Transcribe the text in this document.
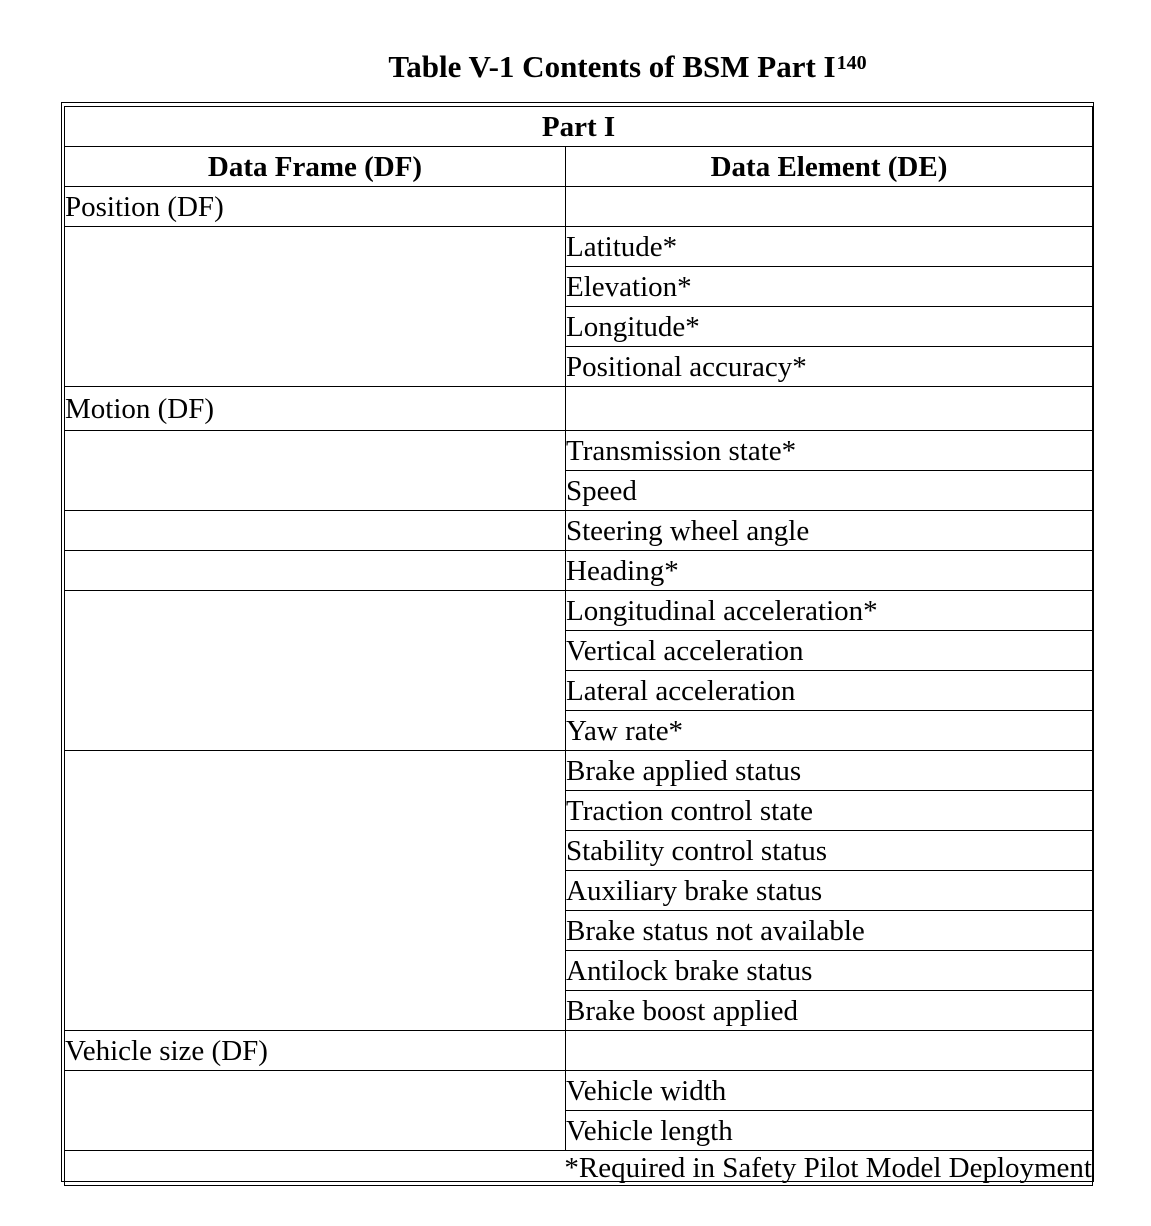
Table V-1 Contents of BSM Part $I^{140}$
Part I	
Data Frame (DF)	Data Element (DE)
Position (DF)	
	Latitude*
	Elevation*
	Longitude*
	Positional accuracy*
Motion (DF)	
	Transmission state*
	Speed
	Steering wheel angle
	Heading*
	Longitudinal acceleration*
	Vertical acceleration
	Lateral acceleration
	Yaw rate*
	Brake applied status
	Traction control state
	Stability control status
	Auxiliary brake status
	Brake status not available
	Antilock brake status
	Brake boost applied
Vehicle size (DF)	
	Vehicle width
	Vehicle length
*Required in Safety Pilot Model Deployment	
